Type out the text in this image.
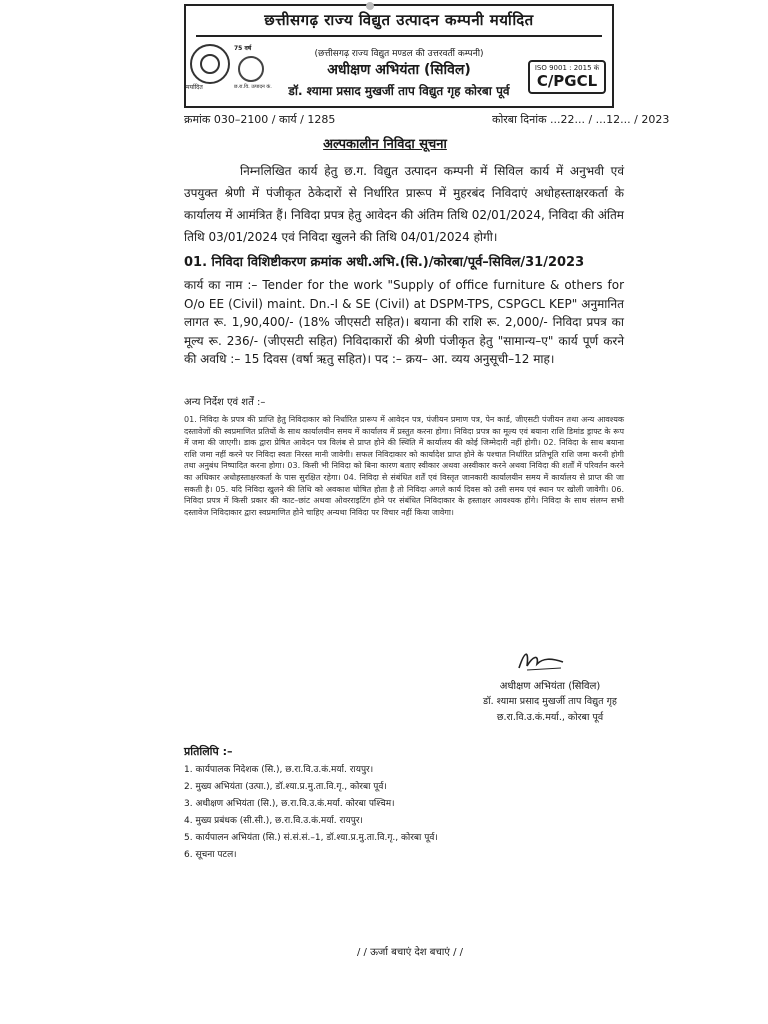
छत्तीसगढ़ राज्य विद्युत उत्पादन कम्पनी मर्यादित
(छत्तीसगढ़ राज्य विद्युत मण्डल की उत्तरवर्ती कम्पनी)
अधीक्षण अभियंता (सिविल)
डॉ. श्यामा प्रसाद मुखर्जी ताप विद्युत गृह कोरबा पूर्व
मर्यादित
75 वर्ष
छ.रा.वि. उत्पादन कं.
ISO 9001 : 2015 कं
C/PGCL
क्रमांक 030–2100 / कार्य / 1285	कोरबा दिनांक ...22... / ...12... / 2023
अल्पकालीन निविदा सूचना
निम्नलिखित कार्य हेतु छ.ग. विद्युत उत्पादन कम्पनी में सिविल कार्य में अनुभवी एवं उपयुक्त श्रेणी में पंजीकृत ठेकेदारों से निर्धारित प्रारूप में मुहरबंद निविदाएं अधोहस्ताक्षरकर्ता के कार्यालय में आमंत्रित हैं। निविदा प्रपत्र हेतु आवेदन की अंतिम तिथि 02/01/2024, निविदा की अंतिम तिथि 03/01/2024 एवं निविदा खुलने की तिथि 04/01/2024 होगी।
01. निविदा विशिष्टीकरण क्रमांक अधी.अभि.(सि.)/कोरबा/पूर्व–सिविल/31/2023
कार्य का नाम :– Tender for the work "Supply of office furniture & others for O/o EE (Civil) maint. Dn.-I & SE (Civil) at DSPM-TPS, CSPGCL KEP" अनुमानित लागत रू. 1,90,400/- (18% जीएसटी सहित)। बयाना की राशि रू. 2,000/- निविदा प्रपत्र का मूल्य रू. 236/- (जीएसटी सहित) निविदाकारों की श्रेणी पंजीकृत हेतु "सामान्य–ए" कार्य पूर्ण करने की अवधि :– 15 दिवस (वर्षा ऋतु सहित)। पद :– क्रय– आ. व्यय अनुसूची–12 माह।
अन्य निर्देश एवं शर्तें :–
01. निविदा के प्रपत्र की प्राप्ति हेतु निविदाकार को निर्धारित प्रारूप में आवेदन पत्र, पंजीयन प्रमाण पत्र, पेन कार्ड, जीएसटी पंजीयन तथा अन्य आवश्यक दस्तावेजों की स्वप्रमाणित प्रतियों के साथ कार्यालयीन समय में कार्यालय में प्रस्तुत करना होगा। निविदा प्रपत्र का मूल्य एवं बयाना राशि डिमांड ड्राफ्ट के रूप में जमा की जाएगी। डाक द्वारा प्रेषित आवेदन पत्र विलंब से प्राप्त होने की स्थिति में कार्यालय की कोई जिम्मेदारी नहीं होगी। 02. निविदा के साथ बयाना राशि जमा नहीं करने पर निविदा स्वतः निरस्त मानी जावेगी। सफल निविदाकार को कार्यादेश प्राप्त होने के पश्चात निर्धारित प्रतिभूति राशि जमा करनी होगी तथा अनुबंध निष्पादित करना होगा। 03. किसी भी निविदा को बिना कारण बताए स्वीकार अथवा अस्वीकार करने अथवा निविदा की शर्तों में परिवर्तन करने का अधिकार अधोहस्ताक्षरकर्ता के पास सुरक्षित रहेगा। 04. निविदा से संबंधित शर्तें एवं विस्तृत जानकारी कार्यालयीन समय में कार्यालय से प्राप्त की जा सकती है। 05. यदि निविदा खुलने की तिथि को अवकाश घोषित होता है तो निविदा अगले कार्य दिवस को उसी समय एवं स्थान पर खोली जावेगी। 06. निविदा प्रपत्र में किसी प्रकार की काट–छांट अथवा ओवरराइटिंग होने पर संबंधित निविदाकार के हस्ताक्षर आवश्यक होंगे। निविदा के साथ संलग्न सभी दस्तावेज निविदाकार द्वारा स्वप्रमाणित होने चाहिए अन्यथा निविदा पर विचार नहीं किया जावेगा।
अधीक्षण अभियंता (सिविल)
डॉ. श्यामा प्रसाद मुखर्जी ताप विद्युत गृह
छ.रा.वि.उ.कं.मर्या., कोरबा पूर्व
प्रतिलिपि :–
1. कार्यपालक निदेशक (सि.), छ.रा.वि.उ.कं.मर्या. रायपुर।
2. मुख्य अभियंता (उत्पा.), डॉ.श्या.प्र.मु.ता.वि.गृ., कोरबा पूर्व।
3. अधीक्षण अभियंता (सि.), छ.रा.वि.उ.कं.मर्या. कोरबा पश्चिम।
4. मुख्य प्रबंधक (सी.सी.), छ.रा.वि.उ.कं.मर्या. रायपुर।
5. कार्यपालन अभियंता (सि.) सं.सं.सं.–1, डॉ.श्या.प्र.मु.ता.वि.गृ., कोरबा पूर्व।
6. सूचना पटल।
/ / ऊर्जा बचाएं देश बचाएं / /
